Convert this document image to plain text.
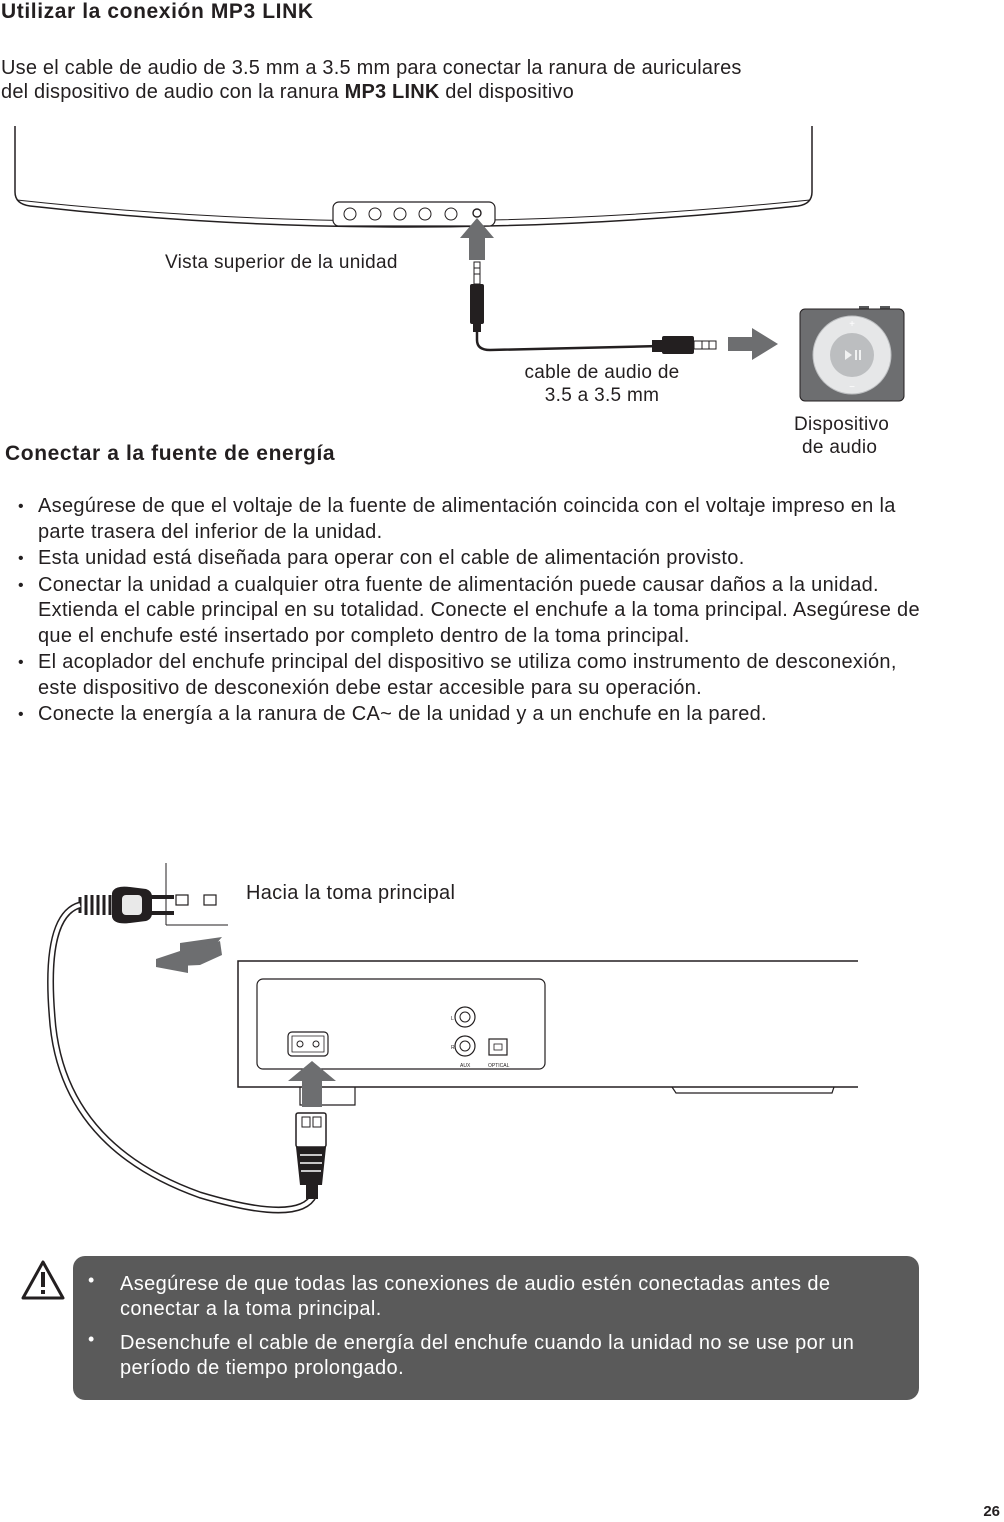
Utilizar la conexión MP3 LINK
Use el cable de audio de 3.5 mm a 3.5 mm para conectar la ranura de auriculares
del dispositivo de audio con la ranura MP3 LINK del dispositivo
+
−
Vista superior de la unidad
cable de audio de
3.5 a 3.5 mm
Dispositivo
de audio
Conectar a la fuente de energía
• Asegúrese de que el voltaje de la fuente de alimentación coincida con el voltaje impreso en la parte trasera del inferior de la unidad.
• Esta unidad está diseñada para operar con el cable de alimentación provisto.
• Conectar la unidad a cualquier otra fuente de alimentación puede causar daños a la unidad. Extienda el cable principal en su totalidad. Conecte el enchufe a la toma principal. Asegúrese de que el enchufe esté insertado por completo dentro de la toma principal.
• El acoplador del enchufe principal del dispositivo se utiliza como instrumento de desconexión, este dispositivo de desconexión debe estar accesible para su operación.
• Conecte la energía a la ranura de CA~ de la unidad y a un enchufe en la pared.
L
R
AUX	OPTICAL
Hacia la toma principal
• Asegúrese de que todas las conexiones de audio estén conectadas antes de conectar a la toma principal.
• Desenchufe el cable de energía del enchufe cuando la unidad no se use por un período de tiempo prolongado.
26
